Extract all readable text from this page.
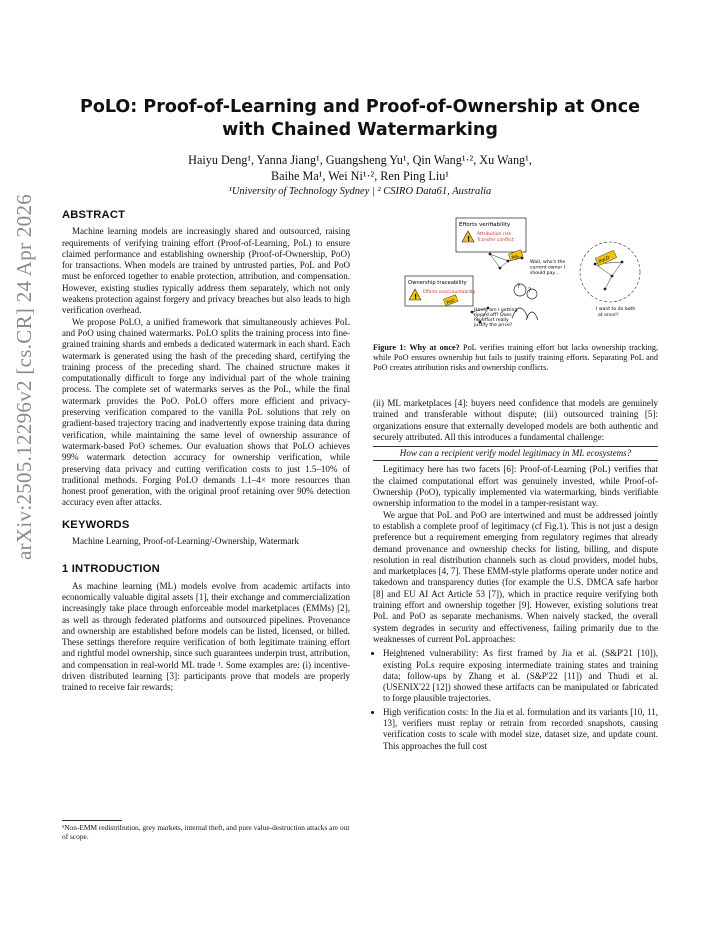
arXiv:2505.12296v2 [cs.CR] 24 Apr 2026
PoLO: Proof-of-Learning and Proof-of-Ownership at Once
with Chained Watermarking
Haiyu Deng¹, Yanna Jiang¹, Guangsheng Yu¹, Qin Wang¹·², Xu Wang¹,
Baihe Ma¹, Wei Ni¹·², Ren Ping Liu¹
¹University of Technology Sydney | ² CSIRO Data61, Australia
ABSTRACT

Machine learning models are increasingly shared and outsourced, raising requirements of verifying training effort (Proof-of-Learning, PoL) to ensure claimed performance and establishing ownership (Proof-of-Ownership, PoO) for transactions. When models are trained by untrusted parties, PoL and PoO must be enforced together to enable protection, attribution, and compensation. However, existing studies typically address them separately, which not only weakens protection against forgery and privacy breaches but also leads to high verification overhead.

We propose PoLO, a unified framework that simultaneously achieves PoL and PoO using chained watermarks. PoLO splits the training process into fine-grained training shards and embeds a dedicated watermark in each shard. Each watermark is generated using the hash of the preceding shard, certifying the training process of the preceding shard. The chained structure makes it computationally difficult to forge any individual part of the whole training process. The complete set of watermarks serves as the PoL, while the final watermark provides the PoO. PoLO offers more efficient and privacy-preserving verification compared to the vanilla PoL solutions that rely on gradient-based trajectory tracing and inadvertently expose training data during verification, while maintaining the same level of ownership assurance of watermark-based PoO schemes. Our evaluation shows that PoLO achieves 99% watermark detection accuracy for ownership verification, while preserving data privacy and cutting verification costs to just 1.5–10% of traditional methods. Forging PoLO demands 1.1–4× more resources than honest proof generation, with the original proof retaining over 90% detection accuracy even after attacks.

KEYWORDS

Machine Learning, Proof-of-Learning/-Ownership, Watermark

1 INTRODUCTION

As machine learning (ML) models evolve from academic artifacts into economically valuable digital assets [1], their exchange and commercialization increasingly take place through enforceable model marketplaces (EMMs) [2], as well as through federated platforms and outsourced pipelines. Provenance and ownership are established before models can be listed, licensed, or billed. These settings therefore require verification of both legitimate training effort and rightful model ownership, since such guarantees underpin trust, attribution, and compensation in real-world ML trade ¹. Some examples are: (i) incentive-driven distributed learning [3]: participants prove that models are properly trained to receive fair rewards;

¹Non-EMM redistribution, grey markets, internal theft, and pure value-destruction attacks are out of scope.
Efforts verifiability
!
Attribution risk
Transfer conflict
PoL
Wait, who's the
current owner I
should pay…
PoLO
I want to do both
at once!!
?
?
Ownership traceability
!
Efforts unaccountability
PoO
Hmm, am I getting
ripped off? Does
his effort really
justify the price?
Figure 1: Why at once? PoL verifies training effort but lacks ownership tracking, while PoO ensures ownership but fails to justify training efforts. Separating PoL and PoO creates attribution risks and ownership conflicts.

(ii) ML marketplaces [4]: buyers need confidence that models are genuinely trained and transferable without dispute; (iii) outsourced training [5]: organizations ensure that externally developed models are both authentic and securely attributed. All this introduces a fundamental challenge:

How can a recipient verify model legitimacy in ML ecosystems?

Legitimacy here has two facets [6]: Proof-of-Learning (PoL) verifies that the claimed computational effort was genuinely invested, while Proof-of-Ownership (PoO), typically implemented via watermarking, binds verifiable ownership information to the model in a tamper-resistant way.

We argue that PoL and PoO are intertwined and must be addressed jointly to establish a complete proof of legitimacy (cf Fig.1). This is not just a design preference but a requirement emerging from regulatory regimes that already demand provenance and ownership checks for listing, billing, and dispute resolution in real distribution channels such as cloud providers, model hubs, and marketplaces [4, 7]. These EMM-style platforms operate under notice and takedown and transparency duties (for example the U.S. DMCA safe harbor [8] and EU AI Act Article 53 [7]), which in practice require verifying both training effort and ownership together [9]. However, existing solutions treat PoL and PoO as separate mechanisms. When naively stacked, the overall system degrades in security and effectiveness, failing primarily due to the weaknesses of current PoL approaches:

• Heightened vulnerability: As first framed by Jia et al. (S&P'21 [10]), existing PoLs require exposing intermediate training states and training data; follow-ups by Zhang et al. (S&P'22 [11]) and Thudi et al. (USENIX'22 [12]) showed these artifacts can be manipulated or fabricated to forge plausible trajectories.
• High verification costs: In the Jia et al. formulation and its variants [10, 11, 13], verifiers must replay or retrain from recorded snapshots, causing verification costs to scale with model size, dataset size, and update count. This approaches the full cost
